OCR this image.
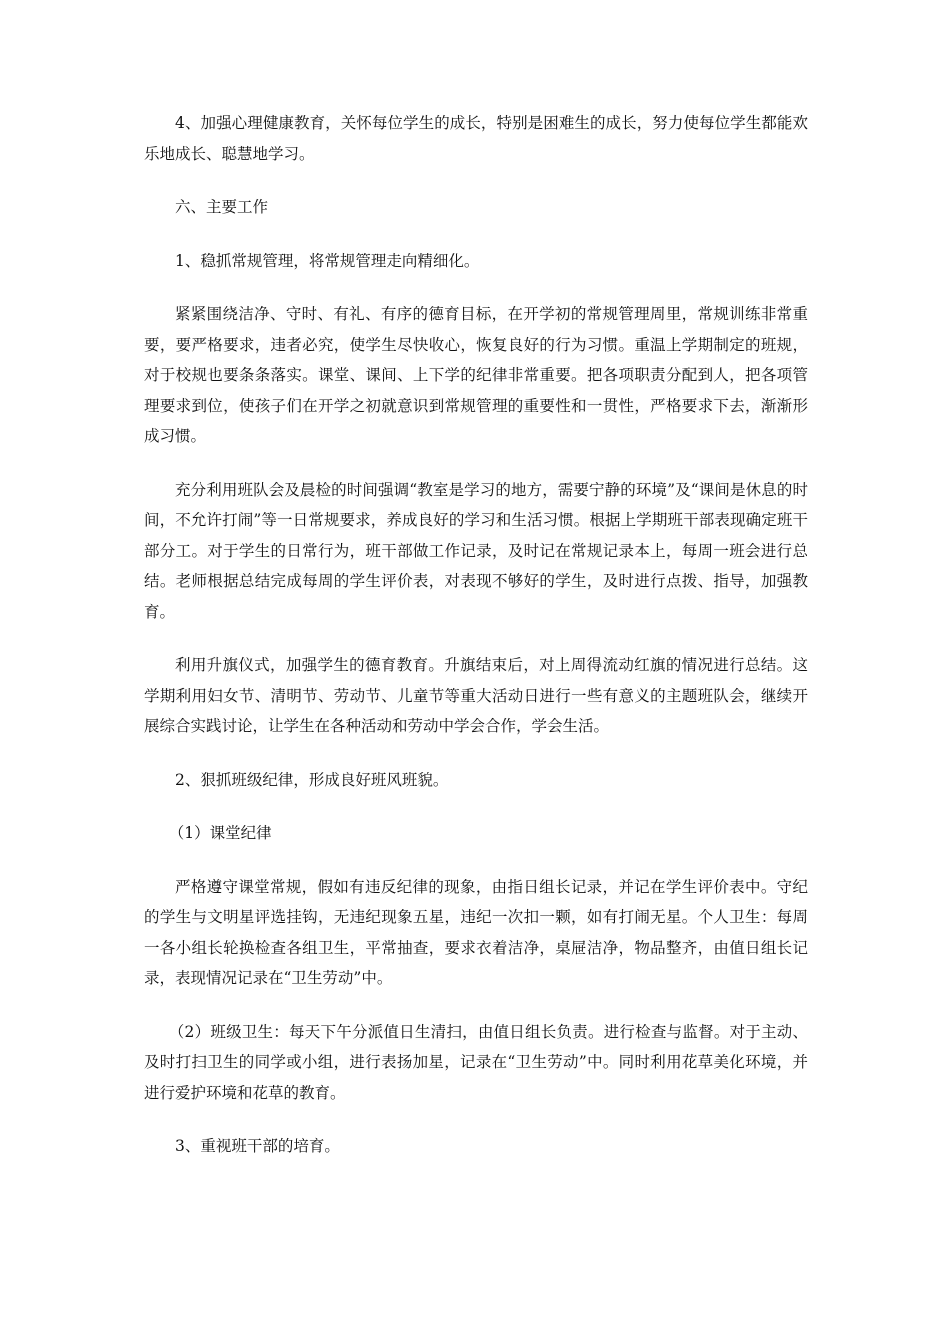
4、加强心理健康教育，关怀每位学生的成长，特别是困难生的成长，努力使每位学生都能欢乐地成长、聪慧地学习。

六、主要工作

1、稳抓常规管理，将常规管理走向精细化。

紧紧围绕洁净、守时、有礼、有序的德育目标，在开学初的常规管理周里，常规训练非常重要，要严格要求，违者必究，使学生尽快收心，恢复良好的行为习惯。重温上学期制定的班规，对于校规也要条条落实。课堂、课间、上下学的纪律非常重要。把各项职责分配到人，把各项管理要求到位，使孩子们在开学之初就意识到常规管理的重要性和一贯性，严格要求下去，渐渐形成习惯。

充分利用班队会及晨检的时间强调“教室是学习的地方，需要宁静的环境”及“课间是休息的时间，不允许打闹”等一日常规要求，养成良好的学习和生活习惯。根据上学期班干部表现确定班干部分工。对于学生的日常行为，班干部做工作记录，及时记在常规记录本上，每周一班会进行总结。老师根据总结完成每周的学生评价表，对表现不够好的学生，及时进行点拨、指导，加强教育。

利用升旗仪式，加强学生的德育教育。升旗结束后，对上周得流动红旗的情况进行总结。这学期利用妇女节、清明节、劳动节、儿童节等重大活动日进行一些有意义的主题班队会，继续开展综合实践讨论，让学生在各种活动和劳动中学会合作，学会生活。

2、狠抓班级纪律，形成良好班风班貌。

（1）课堂纪律

严格遵守课堂常规，假如有违反纪律的现象，由指日组长记录，并记在学生评价表中。守纪的学生与文明星评选挂钩，无违纪现象五星，违纪一次扣一颗，如有打闹无星。个人卫生：每周一各小组长轮换检查各组卫生，平常抽查，要求衣着洁净，桌屉洁净，物品整齐，由值日组长记录，表现情况记录在“卫生劳动”中。

（2）班级卫生：每天下午分派值日生清扫，由值日组长负责。进行检查与监督。对于主动、及时打扫卫生的同学或小组，进行表扬加星，记录在“卫生劳动”中。同时利用花草美化环境，并进行爱护环境和花草的教育。

3、重视班干部的培育。
